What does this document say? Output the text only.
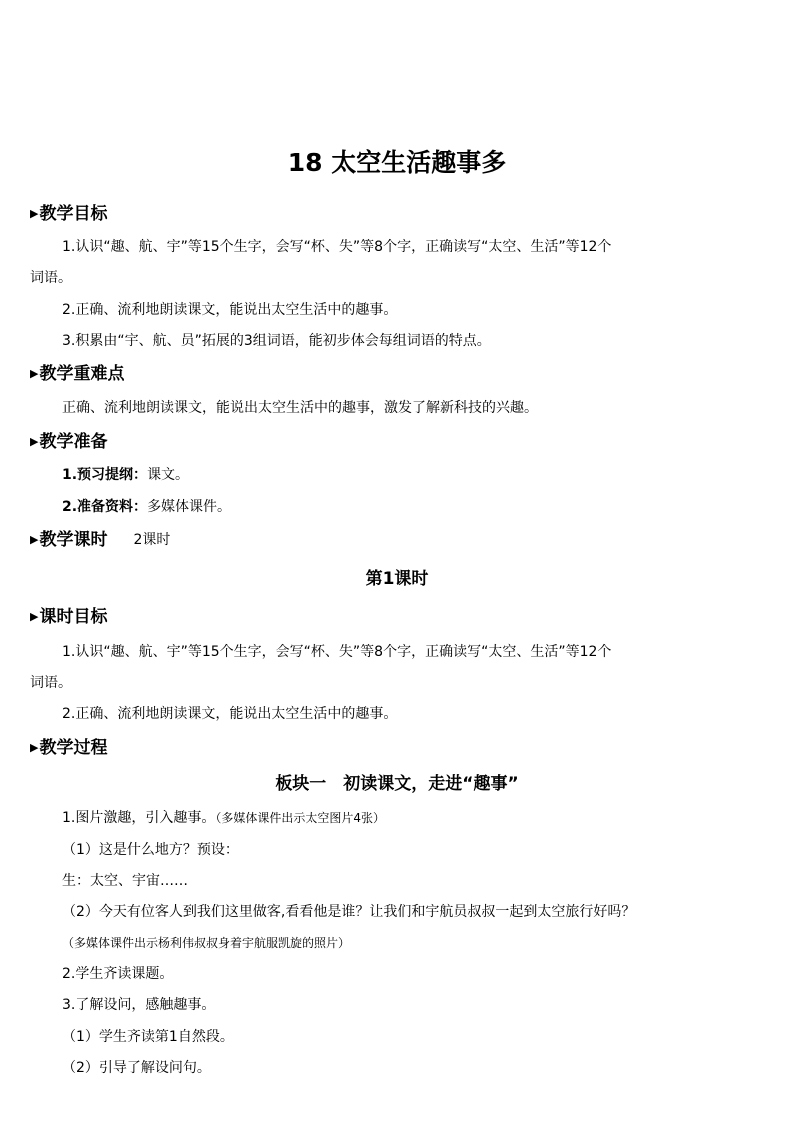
18 太空生活趣事多
▶教学目标
1.认识“趣、航、宇”等15个生字，会写“杯、失”等8个字，正确读写“太空、生活”等12个
词语。
2.正确、流利地朗读课文，能说出太空生活中的趣事。
3.积累由“宇、航、员”拓展的3组词语，能初步体会每组词语的特点。
▶教学重难点
正确、流利地朗读课文，能说出太空生活中的趣事，激发了解新科技的兴趣。
▶教学准备
1.预习提纲：课文。
2.准备资料：多媒体课件。
▶教学课时 2课时
第1课时
▶课时目标
1.认识“趣、航、宇”等15个生字，会写“杯、失”等8个字，正确读写“太空、生活”等12个
词语。
2.正确、流利地朗读课文，能说出太空生活中的趣事。
▶教学过程
板块一　初读课文，走进“趣事”
1.图片激趣，引入趣事。（多媒体课件出示太空图片4张）
（1）这是什么地方？预设：
生：太空、宇宙……
（2）今天有位客人到我们这里做客,看看他是谁？让我们和宇航员叔叔一起到太空旅行好吗？
（多媒体课件出示杨利伟叔叔身着宇航服凯旋的照片）
2.学生齐读课题。
3.了解设问，感触趣事。
（1）学生齐读第1自然段。
（2）引导了解设问句。
